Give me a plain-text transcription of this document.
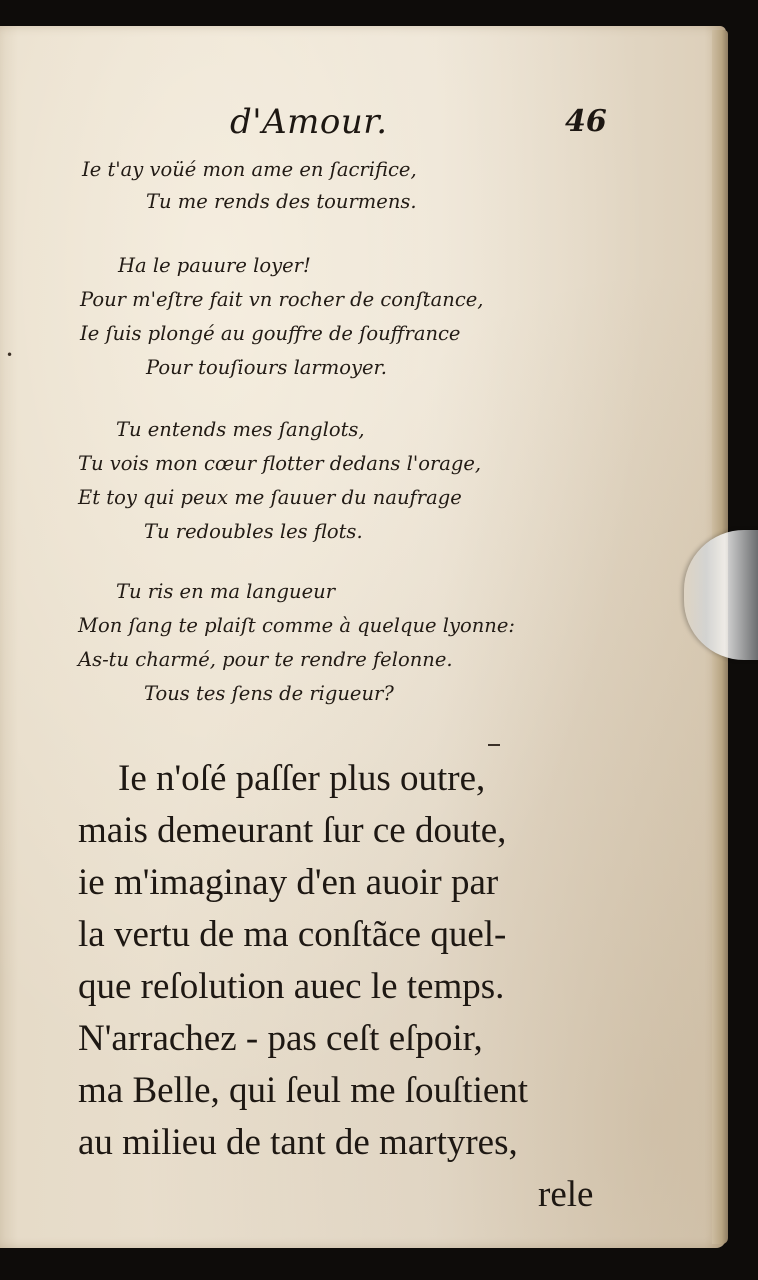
•
d'Amour.	46
Ie t'ay voüé mon ame en ſacrifice,
Tu me rends des tourmens.
Ha le pauure loyer!
Pour m'eſtre fait vn rocher de conſtance,
Ie ſuis plongé au gouffre de ſouffrance
Pour touſiours larmoyer.
Tu entends mes ſanglots,
Tu vois mon cœur flotter dedans l'orage,
Et toy qui peux me ſauuer du naufrage
Tu redoubles les flots.
Tu ris en ma langueur
Mon ſang te plaiſt comme à quelque lyonne:
As-tu charmé, pour te rendre felonne.
Tous tes ſens de rigueur?
Ie n'oſé paſſer plus outre,
mais demeurant ſur ce doute,
ie m'imaginay d'en auoir par
la vertu de ma conſtãce quel-
que reſolution auec le temps.
N'arrachez - pas ceſt eſpoir,
ma Belle, qui ſeul me ſouſtient
au milieu de tant de martyres,
rele
